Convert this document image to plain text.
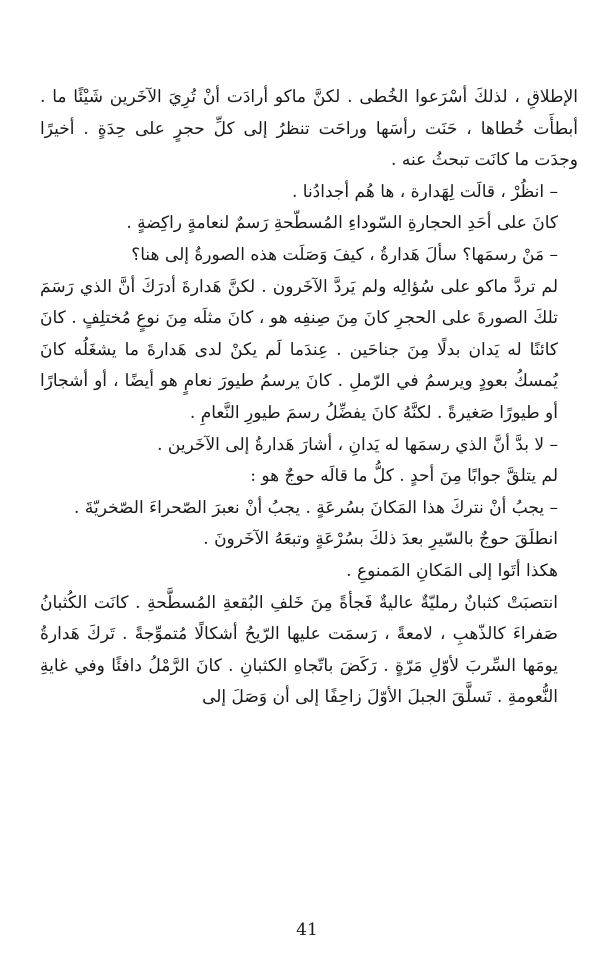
الإطلاقِ ، لذلكَ أسْرَعوا الخُطى . لكنَّ ماكو أرادَت أنْ تُرِيَ الآخَرين شَيْئًا ما . أبطأَت خُطاها ، حَنَت رأسَها وراحَت تنظرُ إلى كلِّ حجرٍ على حِدَةٍ . أخيرًا وجدَت ما كانَت تبحثُ عنه .

– انظُرْ ، قالَت لِهَدارة ، ها هُم أجدادُنا .

كانَ على أحَدِ الحجارةِ السّوداءِ المُسطّحةِ رَسمٌ لنعامةٍ راكِضةٍ .

– مَنْ رسمَها؟ سألَ هَدارةُ ، كيفَ وَصَلَت هذه الصورةُ إلى هنا؟

لم تردَّ ماكو على سُؤالِه ولم يَردَّ الآخَرون . لكنَّ هَدارةَ أدرَكَ أنَّ الذي رَسَمَ تلكَ الصورةَ على الحجرِ كانَ مِنَ صِنفِه هو ، كانَ مثلَه مِنَ نوعٍ مُختلِفٍ . كانَ كائنًا له يَدان بدلًا مِنَ جناحَين . عِندَما لَم يكنْ لدى هَدارةَ ما يشغَلُه كانَ يُمسكُ بعودٍ ويرسمُ في الرّملِ . كانَ يرسمُ طيورَ نعامٍ هو أيضًا ، أو أشجارًا أو طيورًا صَغيرةً . لكنَّهُ كانَ يفضِّلُ رسمَ طيورِ النَّعامِ .

– لا بدَّ أنَّ الذي رسمَها له يَدانِ ، أشارَ هَدارةُ إلى الآخَرين .

لم يتلقَّ جوابًا مِنَ أحدٍ . كلُّ ما قالَه حوجٌ هو :

– يجبُ أنْ نتركَ هذا المَكانَ بسُرعَةٍ . يجبُ أنْ نعبرَ الصّحراءَ الصّخريّةَ .

انطلَقَ حوجٌ بالسّيرِ بعدَ ذلكَ بسُرْعَةٍ وتبعَهُ الآخَرونَ .

هكذا أتَوا إلى المَكانِ المَمنوعِ .

انتصبَتْ كثبانٌ رمليّةٌ عاليةٌ فَجأةً مِنَ خَلفِ البُقعةِ المُسطَّحةِ . كانَت الكُثبانُ صَفراءَ كالذّهبِ ، لامعةً ، رَسمَت عليها الرّيحُ أشكالًا مُتموِّجةً . تَركَ هَدارةُ يومَها السِّربَ لأوّلِ مَرّةٍ . رَكَضَ باتّجاهِ الكثبانِ . كانَ الرَّمْلُ دافئًا وفي غايةِ النُّعومةِ . تَسلَّقَ الجبلَ الأوّلَ زاحِفًا إلى أن وَصَلَ إلى

41
